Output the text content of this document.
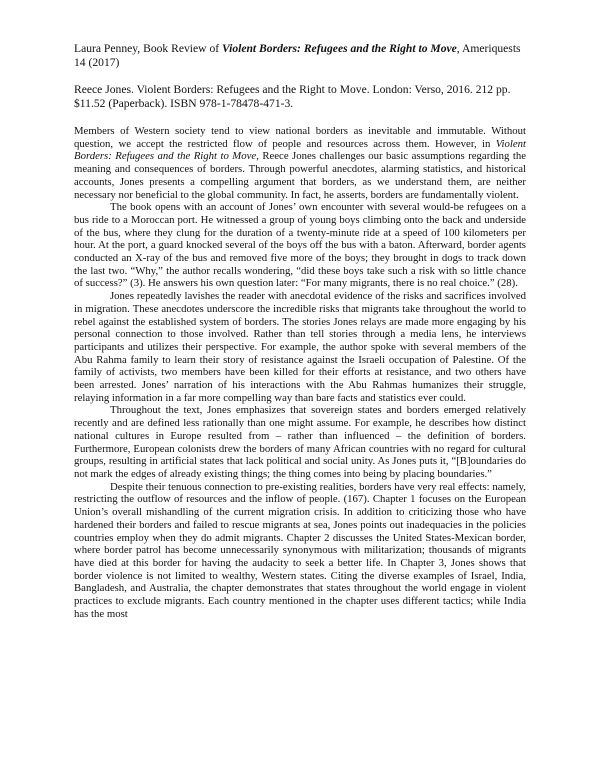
Laura Penney, Book Review of Violent Borders: Refugees and the Right to Move, Ameriquests 14 (2017)

Reece Jones. Violent Borders: Refugees and the Right to Move. London: Verso, 2016. 212 pp. $11.52 (Paperback). ISBN 978-1-78478-471-3.

Members of Western society tend to view national borders as inevitable and immutable. Without question, we accept the restricted flow of people and resources across them. However, in Violent Borders: Refugees and the Right to Move, Reece Jones challenges our basic assumptions regarding the meaning and consequences of borders. Through powerful anecdotes, alarming statistics, and historical accounts, Jones presents a compelling argument that borders, as we understand them, are neither necessary nor beneficial to the global community. In fact, he asserts, borders are fundamentally violent.

The book opens with an account of Jones’ own encounter with several would-be refugees on a bus ride to a Moroccan port. He witnessed a group of young boys climbing onto the back and underside of the bus, where they clung for the duration of a twenty-minute ride at a speed of 100 kilometers per hour. At the port, a guard knocked several of the boys off the bus with a baton. Afterward, border agents conducted an X-ray of the bus and removed five more of the boys; they brought in dogs to track down the last two. “Why,” the author recalls wondering, “did these boys take such a risk with so little chance of success?” (3). He answers his own question later: “For many migrants, there is no real choice.” (28).

Jones repeatedly lavishes the reader with anecdotal evidence of the risks and sacrifices involved in migration. These anecdotes underscore the incredible risks that migrants take throughout the world to rebel against the established system of borders. The stories Jones relays are made more engaging by his personal connection to those involved. Rather than tell stories through a media lens, he interviews participants and utilizes their perspective. For example, the author spoke with several members of the Abu Rahma family to learn their story of resistance against the Israeli occupation of Palestine. Of the family of activists, two members have been killed for their efforts at resistance, and two others have been arrested. Jones’ narration of his interactions with the Abu Rahmas humanizes their struggle, relaying information in a far more compelling way than bare facts and statistics ever could.

Throughout the text, Jones emphasizes that sovereign states and borders emerged relatively recently and are defined less rationally than one might assume. For example, he describes how distinct national cultures in Europe resulted from – rather than influenced – the definition of borders. Furthermore, European colonists drew the borders of many African countries with no regard for cultural groups, resulting in artificial states that lack political and social unity. As Jones puts it, “[B]oundaries do not mark the edges of already existing things; the thing comes into being by placing boundaries.”

Despite their tenuous connection to pre-existing realities, borders have very real effects: namely, restricting the outflow of resources and the inflow of people. (167). Chapter 1 focuses on the European Union’s overall mishandling of the current migration crisis. In addition to criticizing those who have hardened their borders and failed to rescue migrants at sea, Jones points out inadequacies in the policies countries employ when they do admit migrants. Chapter 2 discusses the United States-Mexican border, where border patrol has become unnecessarily synonymous with militarization; thousands of migrants have died at this border for having the audacity to seek a better life. In Chapter 3, Jones shows that border violence is not limited to wealthy, Western states. Citing the diverse examples of Israel, India, Bangladesh, and Australia, the chapter demonstrates that states throughout the world engage in violent practices to exclude migrants. Each country mentioned in the chapter uses different tactics; while India has the most
